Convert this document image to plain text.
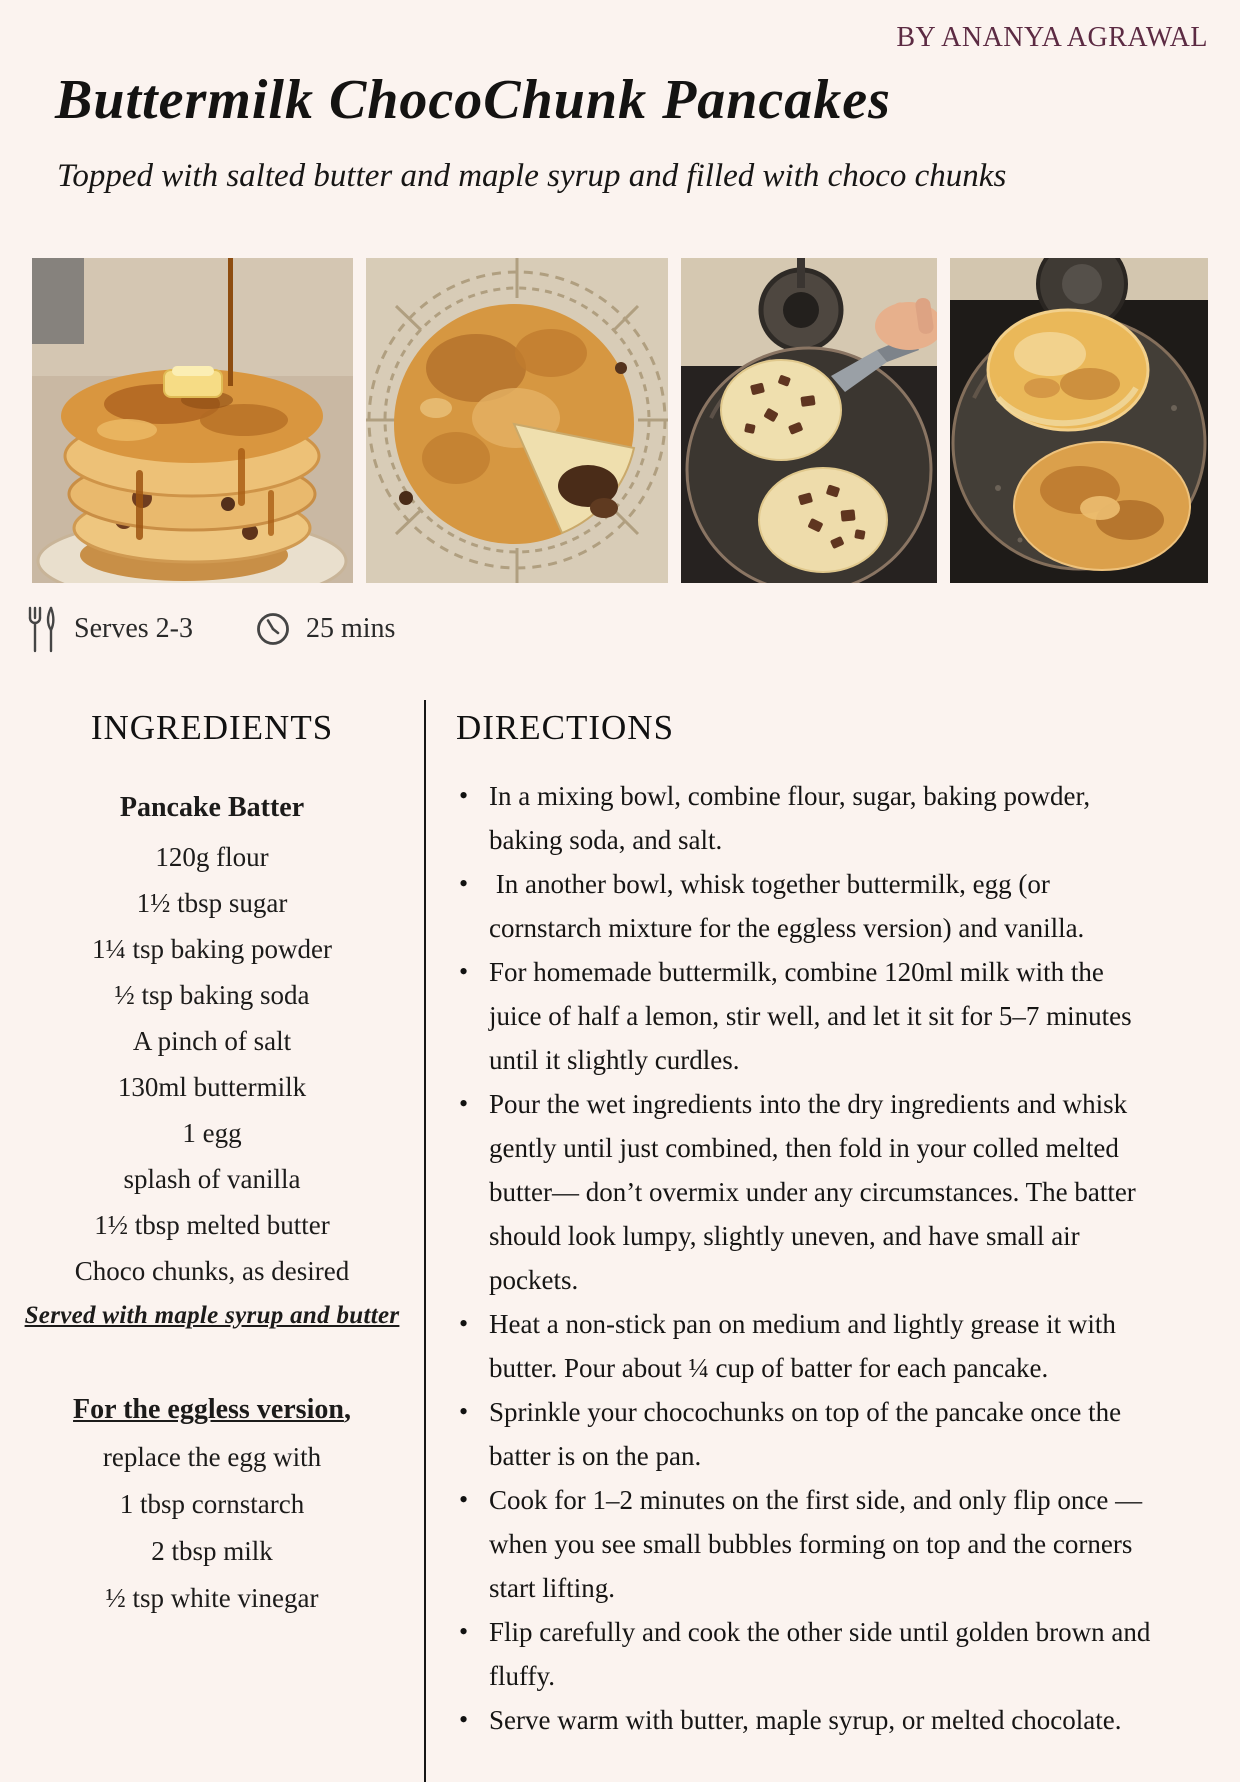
BY ANANYA AGRAWAL
Buttermilk ChocoChunk Pancakes
Topped with salted butter and maple syrup and filled with choco chunks
Serves 2-3	25 mins
INGREDIENTS
Pancake Batter
120g flour
1½ tbsp sugar
1¼ tsp baking powder
½ tsp baking soda
A pinch of salt
130ml buttermilk
1 egg
splash of vanilla
1½ tbsp melted butter
Choco chunks, as desired
Served with maple syrup and butter
For the eggless version,
replace the egg with
1 tbsp cornstarch
2 tbsp milk
½ tsp white vinegar
DIRECTIONS
• In a mixing bowl, combine flour, sugar, baking powder, baking soda, and salt.
•  In another bowl, whisk together buttermilk, egg (or cornstarch mixture for the eggless version) and vanilla.
• For homemade buttermilk, combine 120ml milk with the juice of half a lemon, stir well, and let it sit for 5–7 minutes until it slightly curdles.
• Pour the wet ingredients into the dry ingredients and whisk gently until just combined, then fold in your colled melted butter— don’t overmix under any circumstances. The batter should look lumpy, slightly uneven, and have small air pockets.
• Heat a non-stick pan on medium and lightly grease it with butter. Pour about ¼ cup of batter for each pancake.
• Sprinkle your chocochunks on top of the pancake once the batter is on the pan.
• Cook for 1–2 minutes on the first side, and only flip once — when you see small bubbles forming on top and the corners start lifting.
• Flip carefully and cook the other side until golden brown and fluffy.
• Serve warm with butter, maple syrup, or melted chocolate.
